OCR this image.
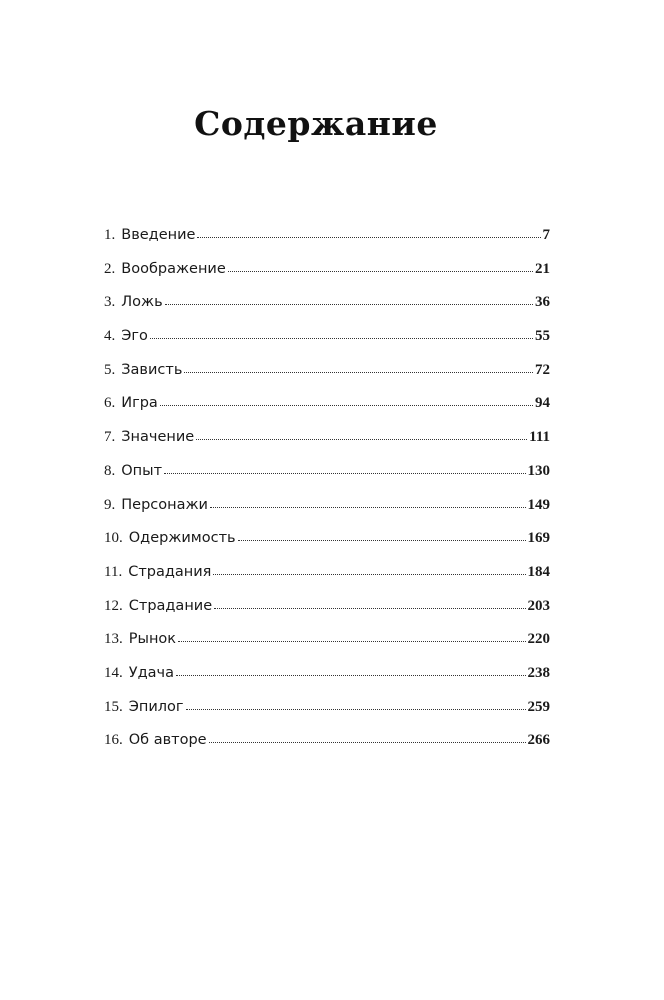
Содержание
1. Введение	7
2. Воображение	21
3. Ложь	36
4. Эго	55
5. Зависть	72
6. Игра	94
7. Значение	111
8. Опыт	130
9. Персонажи	149
10. Одержимость	169
11. Страдания	184
12. Страдание	203
13. Рынок	220
14. Удача	238
15. Эпилог	259
16. Об авторе	266
